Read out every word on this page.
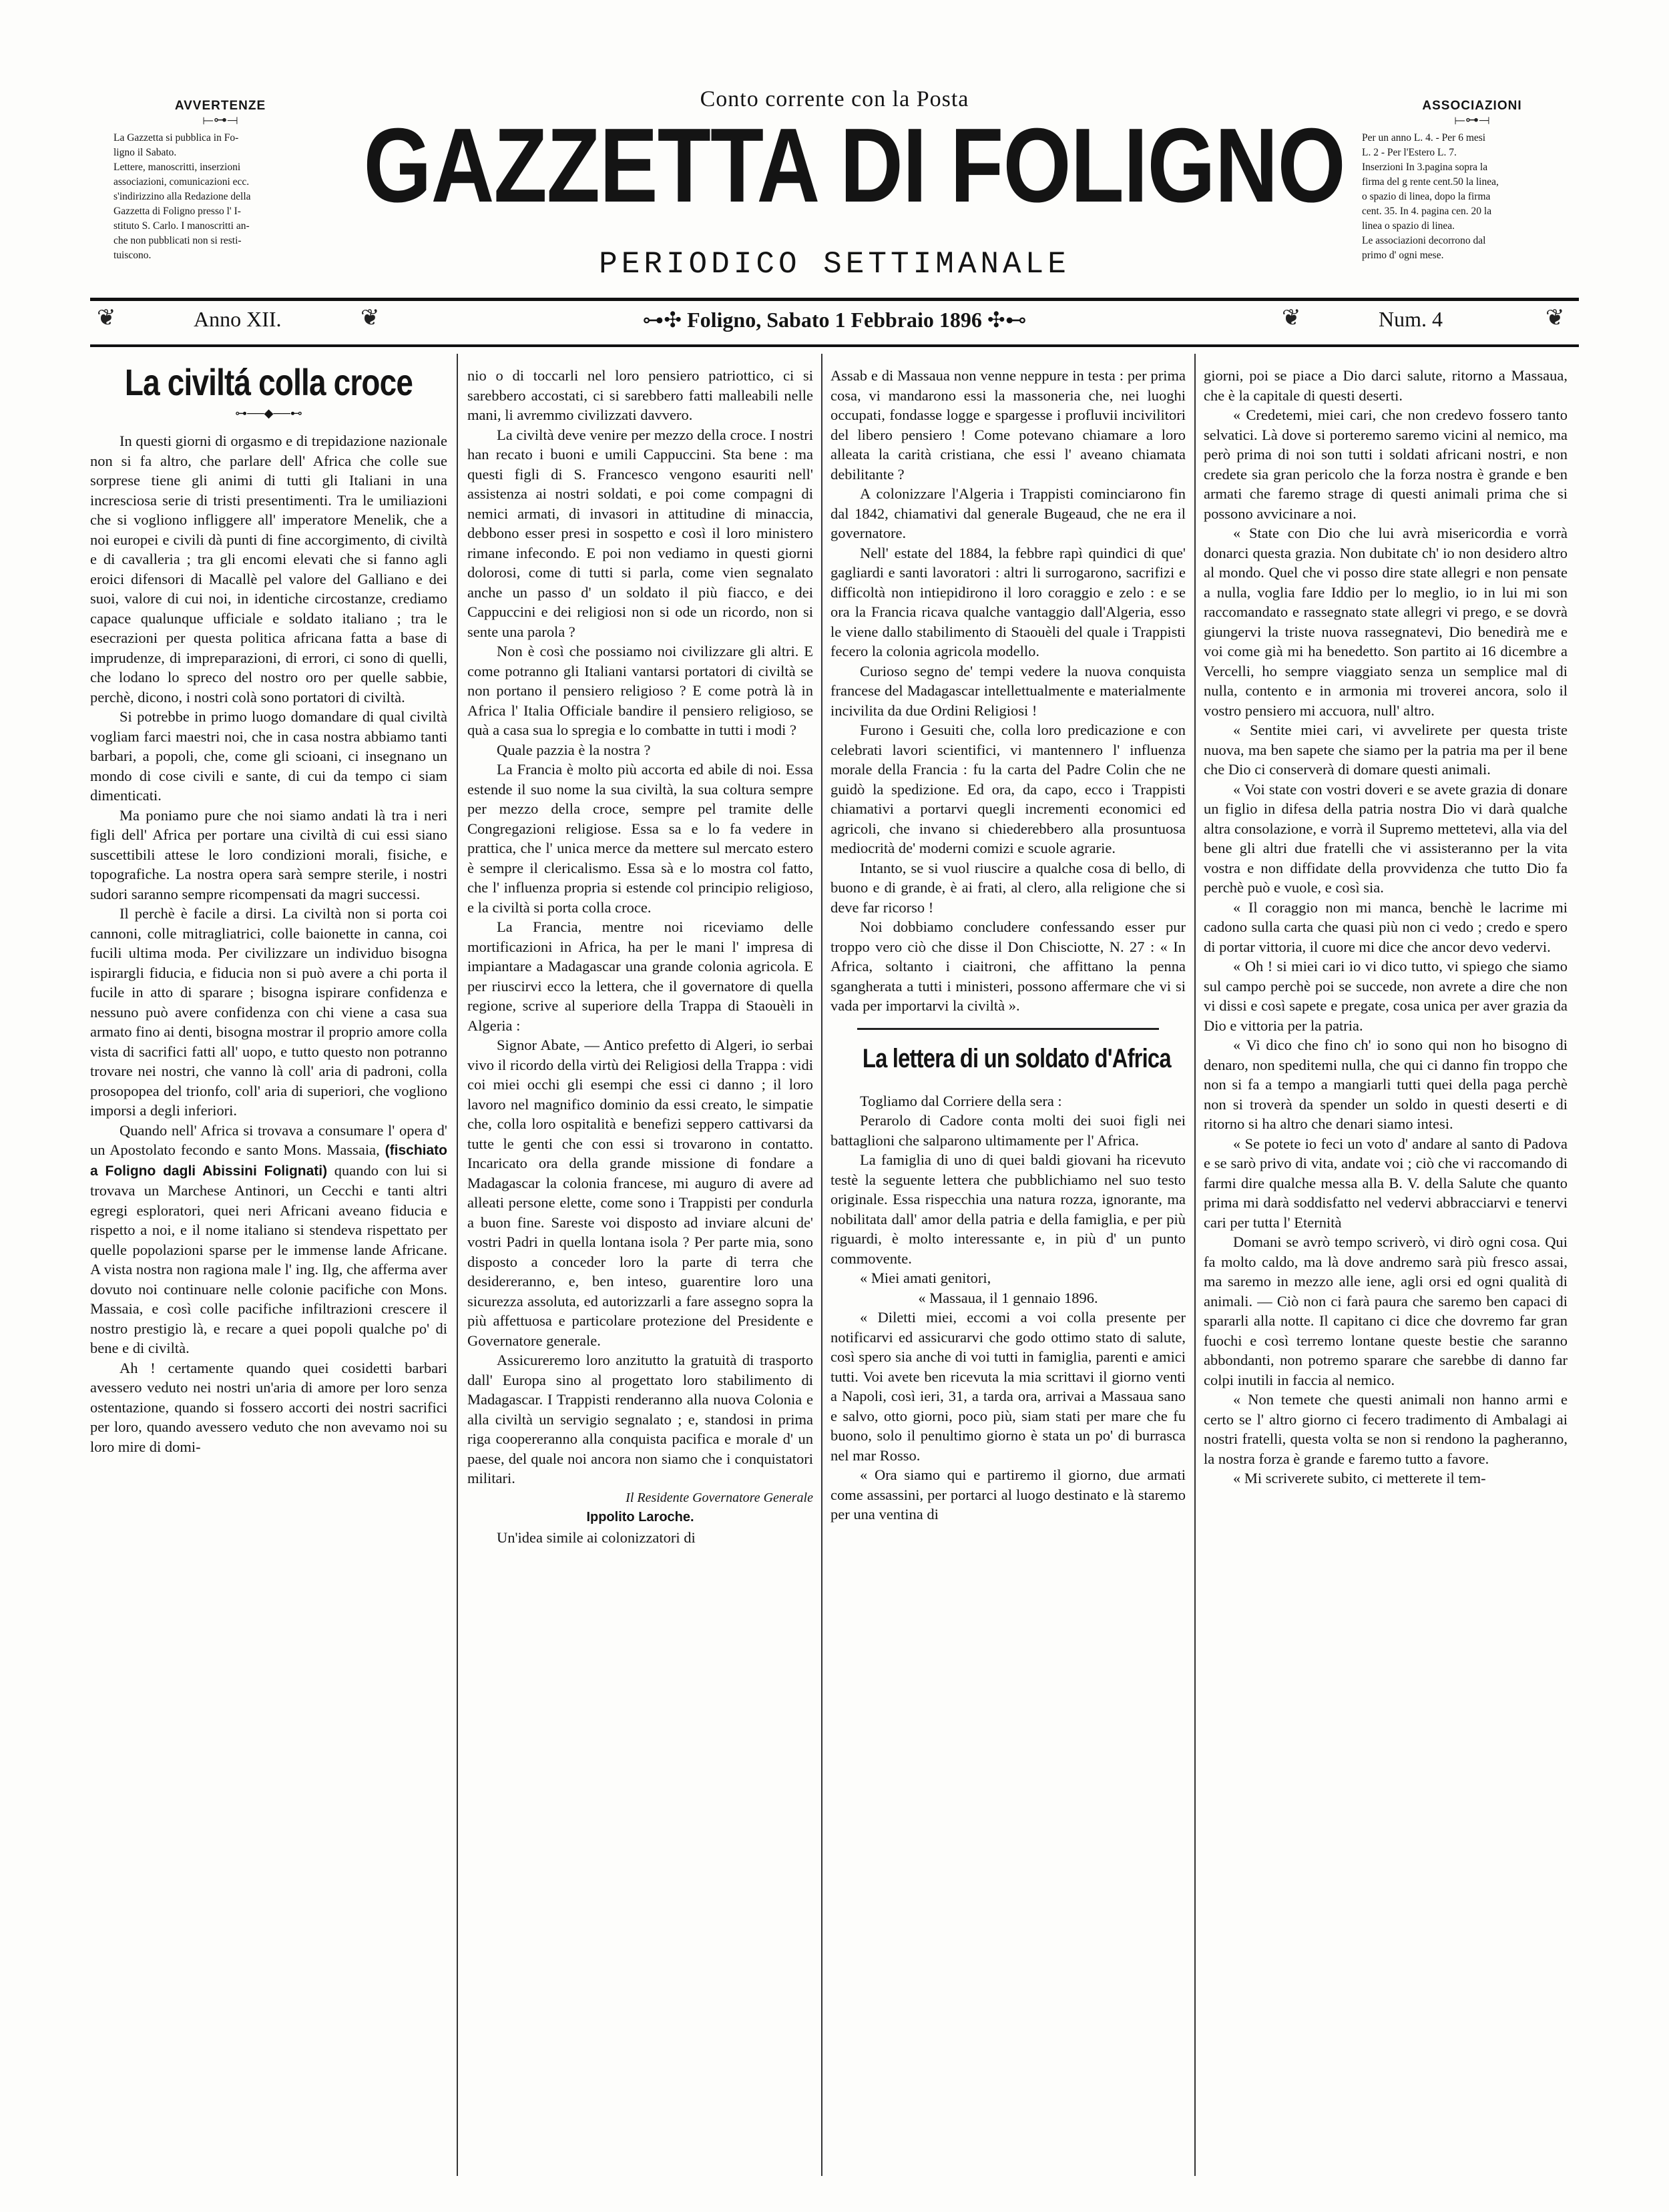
AVVERTENZE
⟝⊶⟞
La Gazzetta si pubblica in Fo-
ligno il Sabato.
Lettere, manoscritti, inserzioni
associazioni, comunicazioni ecc.
s'indirizzino alla Redazione della
Gazzetta di Foligno presso l' I-
stituto S. Carlo. I manoscritti an-
che non pubblicati non si resti-
tuiscono.
Conto corrente con la Posta
GAZZETTA DI FOLIGNO
PERIODICO SETTIMANALE
ASSOCIAZIONI
⟝⊶⟞
Per un anno L. 4. - Per 6 mesi
L. 2 - Per l'Estero L. 7.
Inserzioni In 3.pagina sopra la
firma del g rente cent.50 la linea,
o spazio di linea, dopo la firma
cent. 35. In 4. pagina cen. 20 la
linea o spazio di linea.
Le associazioni decorrono dal
primo d' ogni mese.
❦	Anno XII.	❦	⊶✣ Foligno, Sabato 1 Febbraio 1896 ✣⊷	❦	Num. 4	❦
La civiltá colla croce
⊶──◆──⊷

In questi giorni di orgasmo e di trepidazione nazionale non si fa altro, che parlare dell' Africa che colle sue sorprese tiene gli animi di tutti gli Italiani in una incresciosa serie di tristi presentimenti. Tra le umiliazioni che si vogliono infliggere all' imperatore Menelik, che a noi europei e civili dà punti di fine accorgimento, di civiltà e di cavalleria ; tra gli encomi elevati che si fanno agli eroici difensori di Macallè pel valore del Galliano e dei suoi, valore di cui noi, in identiche circostanze, crediamo capace qualunque ufficiale e soldato italiano ; tra le esecrazioni per questa politica africana fatta a base di imprudenze, di impreparazioni, di errori, ci sono di quelli, che lodano lo spreco del nostro oro per quelle sabbie, perchè, dicono, i nostri colà sono portatori di civiltà.

Si potrebbe in primo luogo domandare di qual civiltà vogliam farci maestri noi, che in casa nostra abbiamo tanti barbari, a popoli, che, come gli scioani, ci insegnano un mondo di cose civili e sante, di cui da tempo ci siam dimenticati.

Ma poniamo pure che noi siamo andati là tra i neri figli dell' Africa per portare una civiltà di cui essi siano suscettibili attese le loro condizioni morali, fisiche, e topografiche. La nostra opera sarà sempre sterile, i nostri sudori saranno sempre ricompensati da magri successi.

Il perchè è facile a dirsi. La civiltà non si porta coi cannoni, colle mitragliatrici, colle baionette in canna, coi fucili ultima moda. Per civilizzare un individuo bisogna ispirargli fiducia, e fiducia non si può avere a chi porta il fucile in atto di sparare ; bisogna ispirare confidenza e nessuno può avere confidenza con chi viene a casa sua armato fino ai denti, bisogna mostrar il proprio amore colla vista di sacrifici fatti all' uopo, e tutto questo non potranno trovare nei nostri, che vanno là coll' aria di padroni, colla prosopopea del trionfo, coll' aria di superiori, che vogliono imporsi a degli inferiori.

Quando nell' Africa si trovava a consumare l' opera d' un Apostolato fecondo e santo Mons. Massaia, (fischiato a Foligno dagli Abissini Folignati) quando con lui si trovava un Marchese Antinori, un Cecchi e tanti altri egregi esploratori, quei neri Africani aveano fiducia e rispetto a noi, e il nome italiano si stendeva rispettato per quelle popolazioni sparse per le immense lande Africane. A vista nostra non ragiona male l' ing. Ilg, che afferma aver dovuto noi continuare nelle colonie pacifiche con Mons. Massaia, e così colle pacifiche infiltrazioni crescere il nostro prestigio là, e recare a quei popoli qualche po' di bene e di civiltà.

Ah ! certamente quando quei cosidetti barbari avessero veduto nei nostri un'aria di amore per loro senza ostentazione, quando si fossero accorti dei nostri sacrifici per loro, quando avessero veduto che non avevamo noi su loro mire di domi-

nio o di toccarli nel loro pensiero patriottico, ci si sarebbero accostati, ci si sarebbero fatti malleabili nelle mani, li avremmo civilizzati davvero.

La civiltà deve venire per mezzo della croce. I nostri han recato i buoni e umili Cappuccini. Sta bene : ma questi figli di S. Francesco vengono esauriti nell' assistenza ai nostri soldati, e poi come compagni di nemici armati, di invasori in attitudine di minaccia, debbono esser presi in sospetto e così il loro ministero rimane infecondo. E poi non vediamo in questi giorni dolorosi, come di tutti si parla, come vien segnalato anche un passo d' un soldato il più fiacco, e dei Cappuccini e dei religiosi non si ode un ricordo, non si sente una parola ?

Non è così che possiamo noi civilizzare gli altri. E come potranno gli Italiani vantarsi portatori di civiltà se non portano il pensiero religioso ? E come potrà là in Africa l' Italia Officiale bandire il pensiero religioso, se quà a casa sua lo spregia e lo combatte in tutti i modi ?

Quale pazzia è la nostra ?

La Francia è molto più accorta ed abile di noi. Essa estende il suo nome la sua civiltà, la sua coltura sempre per mezzo della croce, sempre pel tramite delle Congregazioni religiose. Essa sa e lo fa vedere in prattica, che l' unica merce da mettere sul mercato estero è sempre il clericalismo. Essa sà e lo mostra col fatto, che l' influenza propria si estende col principio religioso, e la civiltà si porta colla croce.

La Francia, mentre noi riceviamo delle mortificazioni in Africa, ha per le mani l' impresa di impiantare a Madagascar una grande colonia agricola. E per riuscirvi ecco la lettera, che il governatore di quella regione, scrive al superiore della Trappa di Staouèli in Algeria :

Signor Abate, — Antico prefetto di Algeri, io serbai vivo il ricordo della virtù dei Religiosi della Trappa : vidi coi miei occhi gli esempi che essi ci danno ; il loro lavoro nel magnifico dominio da essi creato, le simpatie che, colla loro ospitalità e benefizi seppero cattivarsi da tutte le genti che con essi si trovarono in contatto. Incaricato ora della grande missione di fondare a Madagascar la colonia francese, mi auguro di avere ad alleati persone elette, come sono i Trappisti per condurla a buon fine. Sareste voi disposto ad inviare alcuni de' vostri Padri in quella lontana isola ? Per parte mia, sono disposto a conceder loro la parte di terra che desidereranno, e, ben inteso, guarentire loro una sicurezza assoluta, ed autorizzarli a fare assegno sopra la più affettuosa e particolare protezione del Presidente e Governatore generale.

Assicureremo loro anzitutto la gratuità di trasporto dall' Europa sino al progettato loro stabilimento di Madagascar. I Trappisti renderanno alla nuova Colonia e alla civiltà un servigio segnalato ; e, standosi in prima riga coopereranno alla conquista pacifica e morale d' un paese, del quale noi ancora non siamo che i conquistatori militari.

Il Residente Governatore Generale

Ippolito Laroche.

Un'idea simile ai colonizzatori di

Assab e di Massaua non venne neppure in testa : per prima cosa, vi mandarono essi la massoneria che, nei luoghi occupati, fondasse logge e spargesse i profluvii incivilitori del libero pensiero ! Come potevano chiamare a loro alleata la carità cristiana, che essi l' aveano chiamata debilitante ?

A colonizzare l'Algeria i Trappisti cominciarono fin dal 1842, chiamativi dal generale Bugeaud, che ne era il governatore.

Nell' estate del 1884, la febbre rapì quindici di que' gagliardi e santi lavoratori : altri li surrogarono, sacrifizi e difficoltà non intiepidirono il loro coraggio e zelo : e se ora la Francia ricava qualche vantaggio dall'Algeria, esso le viene dallo stabilimento di Staouèli del quale i Trappisti fecero la colonia agricola modello.

Curioso segno de' tempi vedere la nuova conquista francese del Madagascar intellettualmente e materialmente incivilita da due Ordini Religiosi !

Furono i Gesuiti che, colla loro predicazione e con celebrati lavori scientifici, vi mantennero l' influenza morale della Francia : fu la carta del Padre Colin che ne guidò la spedizione. Ed ora, da capo, ecco i Trappisti chiamativi a portarvi quegli incrementi economici ed agricoli, che invano si chiederebbero alla prosuntuosa mediocrità de' moderni comizi e scuole agrarie.

Intanto, se si vuol riuscire a qualche cosa di bello, di buono e di grande, è ai frati, al clero, alla religione che si deve far ricorso !

Noi dobbiamo concludere confessando esser pur troppo vero ciò che disse il Don Chisciotte, N. 27 : « In Africa, soltanto i ciaitroni, che affittano la penna sgangherata a tutti i ministeri, possono affermare che vi si vada per importarvi la civiltà ».

La lettera di un soldato d'Africa

Togliamo dal Corriere della sera :

Perarolo di Cadore conta molti dei suoi figli nei battaglioni che salparono ultimamente per l' Africa.

La famiglia di uno di quei baldi giovani ha ricevuto testè la seguente lettera che pubblichiamo nel suo testo originale. Essa rispecchia una natura rozza, ignorante, ma nobilitata dall' amor della patria e della famiglia, e per più riguardi, è molto interessante e, in più d' un punto commovente.

« Miei amati genitori,

« Massaua, il 1 gennaio 1896.

« Diletti miei, eccomi a voi colla presente per notificarvi ed assicurarvi che godo ottimo stato di salute, così spero sia anche di voi tutti in famiglia, parenti e amici tutti. Voi avete ben ricevuta la mia scrittavi il giorno venti a Napoli, così ieri, 31, a tarda ora, arrivai a Massaua sano e salvo, otto giorni, poco più, siam stati per mare che fu buono, solo il penultimo giorno è stata un po' di burrasca nel mar Rosso.

« Ora siamo qui e partiremo il giorno, due armati come assassini, per portarci al luogo destinato e là staremo per una ventina di

giorni, poi se piace a Dio darci salute, ritorno a Massaua, che è la capitale di questi deserti.

« Credetemi, miei cari, che non credevo fossero tanto selvatici. Là dove si porteremo saremo vicini al nemico, ma però prima di noi son tutti i soldati africani nostri, e non credete sia gran pericolo che la forza nostra è grande e ben armati che faremo strage di questi animali prima che si possono avvicinare a noi.

« State con Dio che lui avrà misericordia e vorrà donarci questa grazia. Non dubitate ch' io non desidero altro al mondo. Quel che vi posso dire state allegri e non pensate a nulla, voglia fare Iddio per lo meglio, io in lui mi son raccomandato e rassegnato state allegri vi prego, e se dovrà giungervi la triste nuova rassegnatevi, Dio benedirà me e voi come già mi ha benedetto. Son partito ai 16 dicembre a Vercelli, ho sempre viaggiato senza un semplice mal di nulla, contento e in armonia mi troverei ancora, solo il vostro pensiero mi accuora, null' altro.

« Sentite miei cari, vi avvelirete per questa triste nuova, ma ben sapete che siamo per la patria ma per il bene che Dio ci conserverà di domare questi animali.

« Voi state con vostri doveri e se avete grazia di donare un figlio in difesa della patria nostra Dio vi darà qualche altra consolazione, e vorrà il Supremo mettetevi, alla via del bene gli altri due fratelli che vi assisteranno per la vita vostra e non diffidate della provvidenza che tutto Dio fa perchè può e vuole, e così sia.

« Il coraggio non mi manca, benchè le lacrime mi cadono sulla carta che quasi più non ci vedo ; credo e spero di portar vittoria, il cuore mi dice che ancor devo vedervi.

« Oh ! si miei cari io vi dico tutto, vi spiego che siamo sul campo perchè poi se succede, non avrete a dire che non vi dissi e così sapete e pregate, cosa unica per aver grazia da Dio e vittoria per la patria.

« Vi dico che fino ch' io sono qui non ho bisogno di denaro, non speditemi nulla, che qui ci danno fin troppo che non si fa a tempo a mangiarli tutti quei della paga perchè non si troverà da spender un soldo in questi deserti e di ritorno si ha altro che denari siamo intesi.

« Se potete io feci un voto d' andare al santo di Padova e se sarò privo di vita, andate voi ; ciò che vi raccomando di farmi dire qualche messa alla B. V. della Salute che quanto prima mi darà soddisfatto nel vedervi abbracciarvi e tenervi cari per tutta l' Eternità

Domani se avrò tempo scriverò, vi dirò ogni cosa. Qui fa molto caldo, ma là dove andremo sarà più fresco assai, ma saremo in mezzo alle iene, agli orsi ed ogni qualità di animali. — Ciò non ci farà paura che saremo ben capaci di spararli alla notte. Il capitano ci dice che dovremo far gran fuochi e così terremo lontane queste bestie che saranno abbondanti, non potremo sparare che sarebbe di danno far colpi inutili in faccia al nemico.

« Non temete che questi animali non hanno armi e certo se l' altro giorno ci fecero tradimento di Ambalagi ai nostri fratelli, questa volta se non si rendono la pagheranno, la nostra forza è grande e faremo tutto a favore.

« Mi scriverete subito, ci metterete il tem-
